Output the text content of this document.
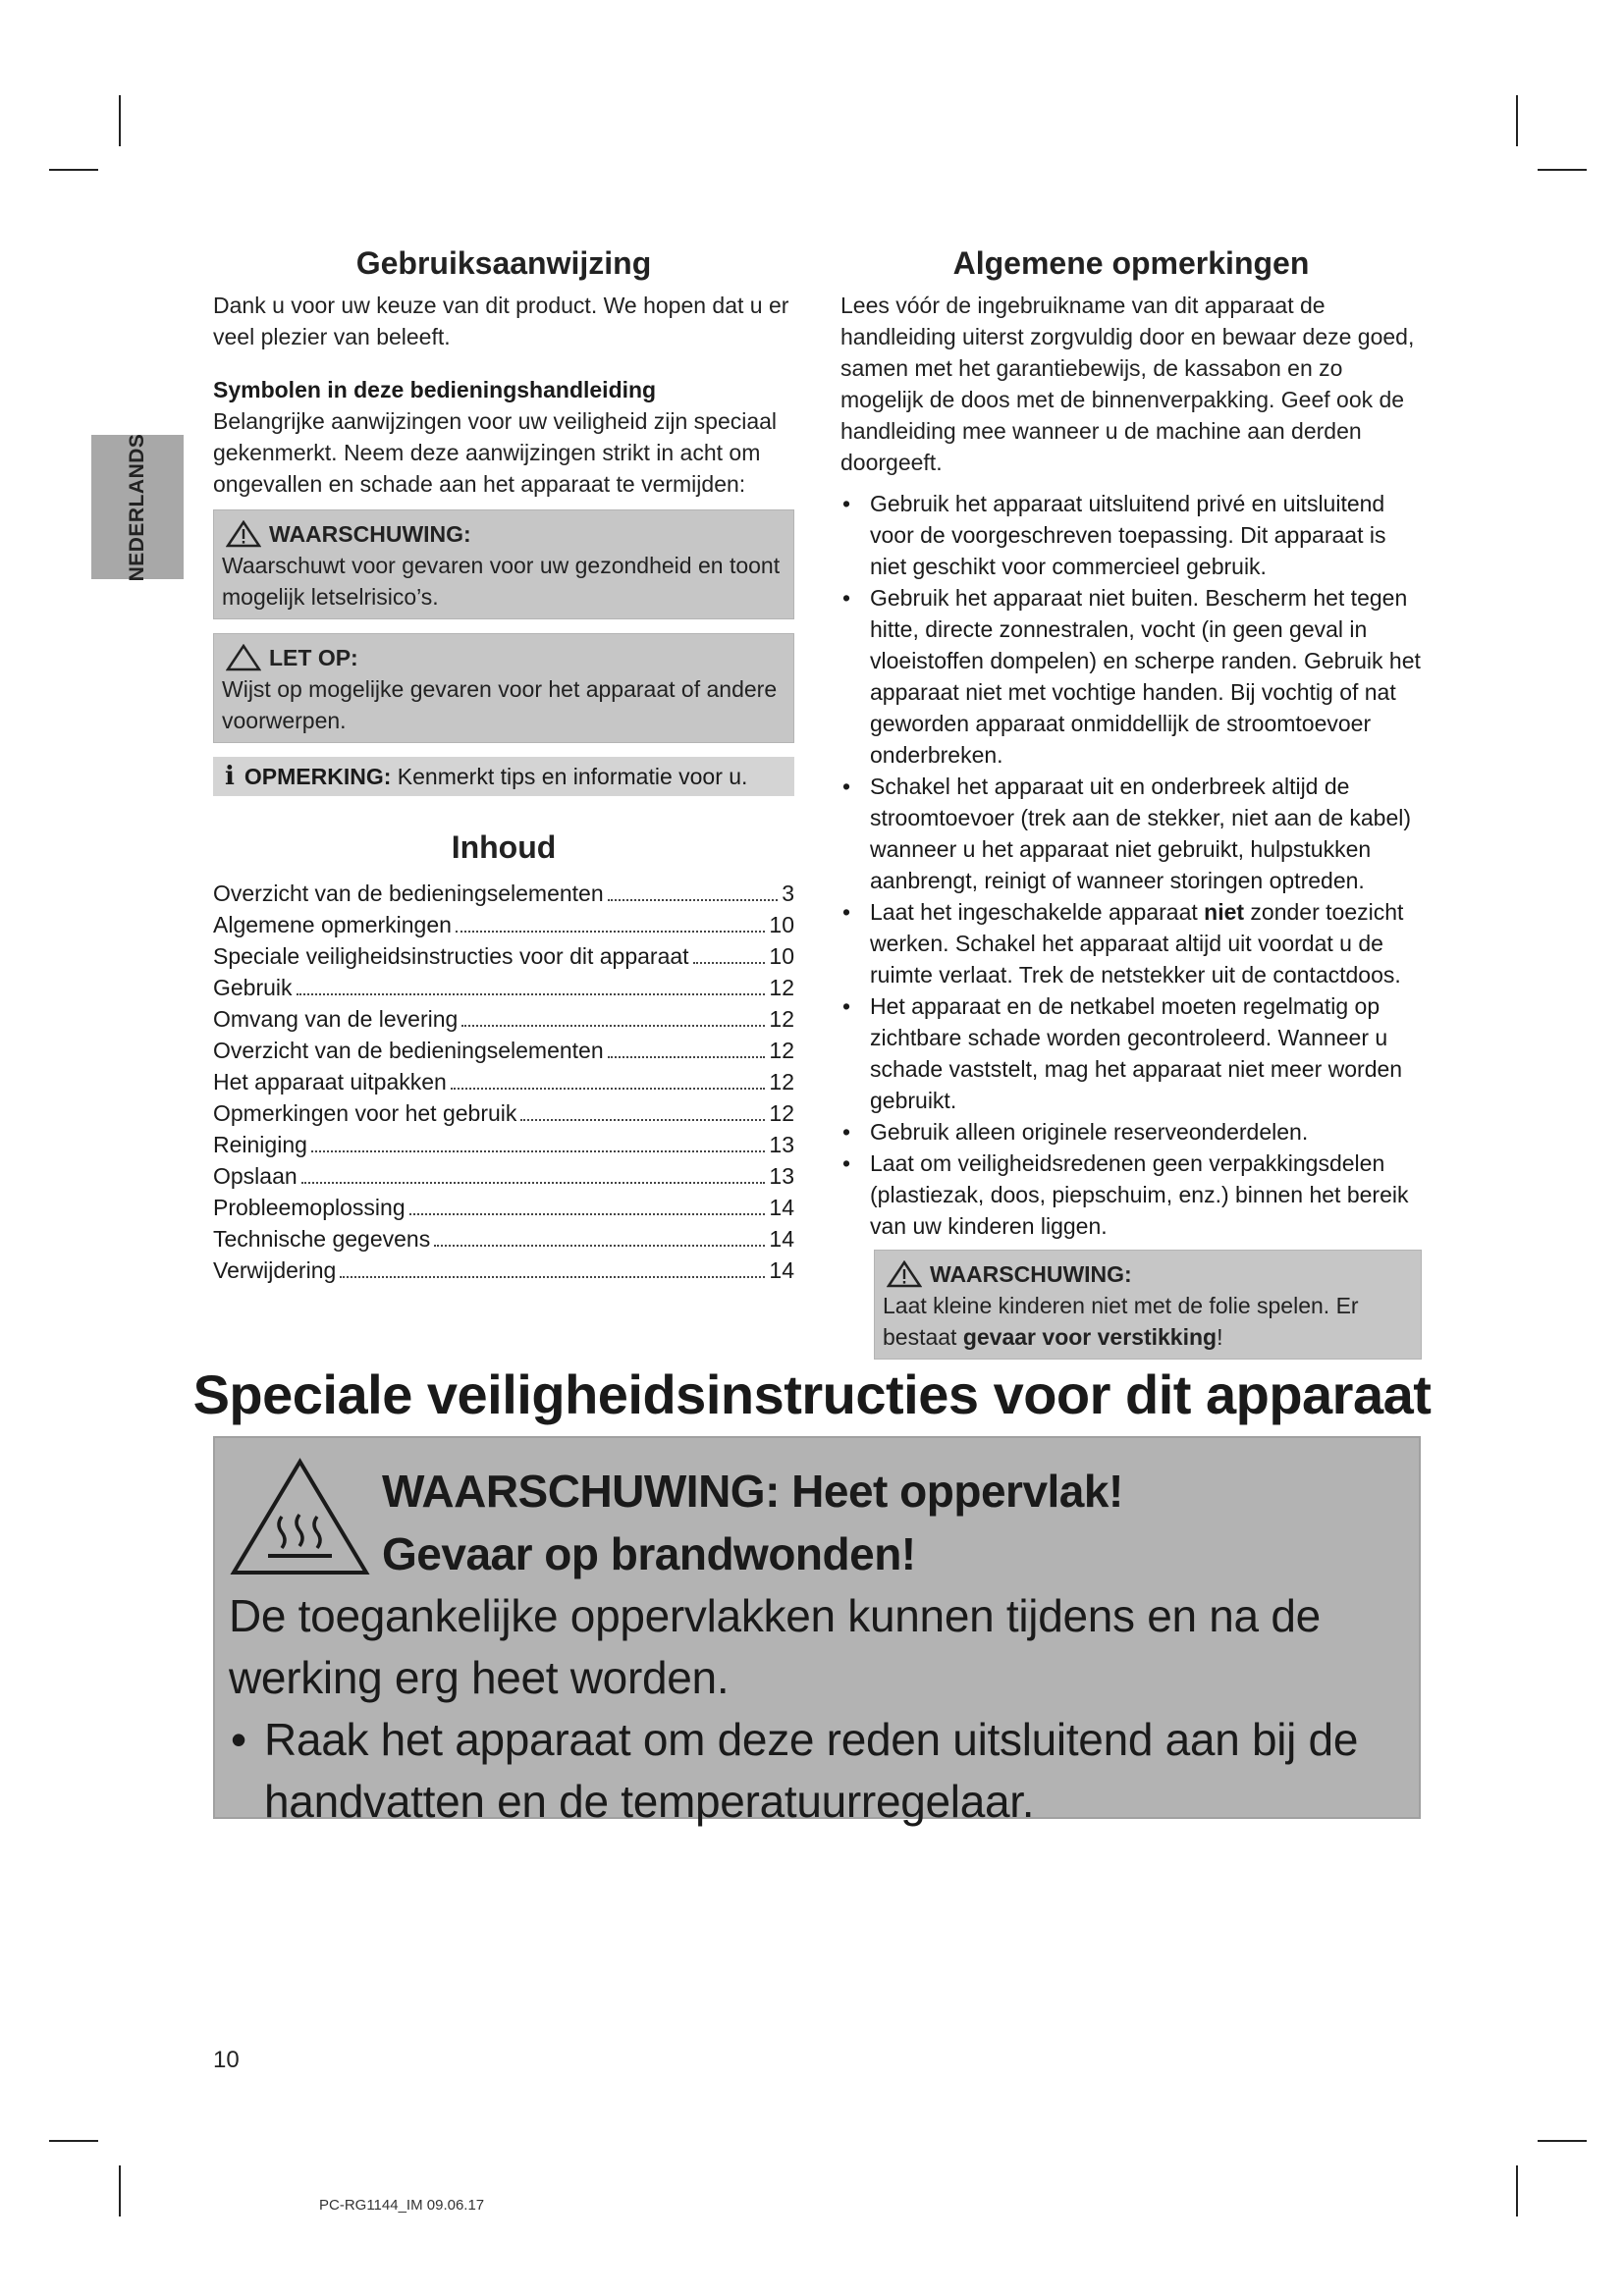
NEDERLANDS
Gebruiksaanwijzing

Dank u voor uw keuze van dit product. We hopen dat u er veel plezier van beleeft.

Symbolen in deze bedieningshandleiding

Belangrijke aanwijzingen voor uw veiligheid zijn speciaal gekenmerkt. Neem deze aanwijzingen strikt in acht om ongevallen en schade aan het apparaat te vermijden:

WAARSCHUWING:

Waarschuwt voor gevaren voor uw gezondheid en toont mogelijk letselrisico’s.

LET OP:

Wijst op mogelijke gevaren voor het apparaat of andere voorwerpen.

i OPMERKING: Kenmerkt tips en informatie voor u.
Inhoud
Overzicht van de bedieningselementen	3
Algemene opmerkingen	10
Speciale veiligheidsinstructies voor dit apparaat	10
Gebruik	12
Omvang van de levering	12
Overzicht van de bedieningselementen	12
Het apparaat uitpakken	12
Opmerkingen voor het gebruik	12
Reiniging	13
Opslaan	13
Probleemoplossing	14
Technische gegevens	14
Verwijdering	14
Algemene opmerkingen

Lees vóór de ingebruikname van dit apparaat de handleiding uiterst zorgvuldig door en bewaar deze goed, samen met het garantiebewijs, de kassabon en zo mogelijk de doos met de binnenverpakking. Geef ook de handleiding mee wanneer u de machine aan derden doorgeeft.

• Gebruik het apparaat uitsluitend privé en uitsluitend voor de voorgeschreven toepassing. Dit apparaat is niet geschikt voor commercieel gebruik.
• Gebruik het apparaat niet buiten. Bescherm het tegen hitte, directe zonnestralen, vocht (in geen geval in vloeistoffen dompelen) en scherpe randen. Gebruik het apparaat niet met vochtige handen. Bij vochtig of nat geworden apparaat onmiddellijk de stroomtoevoer onderbreken.
• Schakel het apparaat uit en onderbreek altijd de stroomtoevoer (trek aan de stekker, niet aan de kabel) wanneer u het apparaat niet gebruikt, hulpstukken aanbrengt, reinigt of wanneer storingen optreden.
• Laat het ingeschakelde apparaat niet zonder toezicht werken. Schakel het apparaat altijd uit voordat u de ruimte verlaat. Trek de netstekker uit de contactdoos.
• Het apparaat en de netkabel moeten regelmatig op zichtbare schade worden gecontroleerd. Wanneer u schade vaststelt, mag het apparaat niet meer worden gebruikt.
• Gebruik alleen originele reserveonderdelen.
• Laat om veiligheidsredenen geen verpakkingsdelen (plastiezak, doos, piepschuim, enz.) binnen het bereik van uw kinderen liggen.
WAARSCHUWING:

Laat kleine kinderen niet met de folie spelen. Er bestaat gevaar voor verstikking!

Speciale veiligheidsinstructies voor dit apparaat
WAARSCHUWING: Heet oppervlak!
Gevaar op brandwonden!

De toegankelijke oppervlakken kunnen tijdens en na de werking erg heet worden.

• Raak het apparaat om deze reden uitsluitend aan bij de handvatten en de temperatuurregelaar.

10
PC-RG1144_IM 09.06.17
